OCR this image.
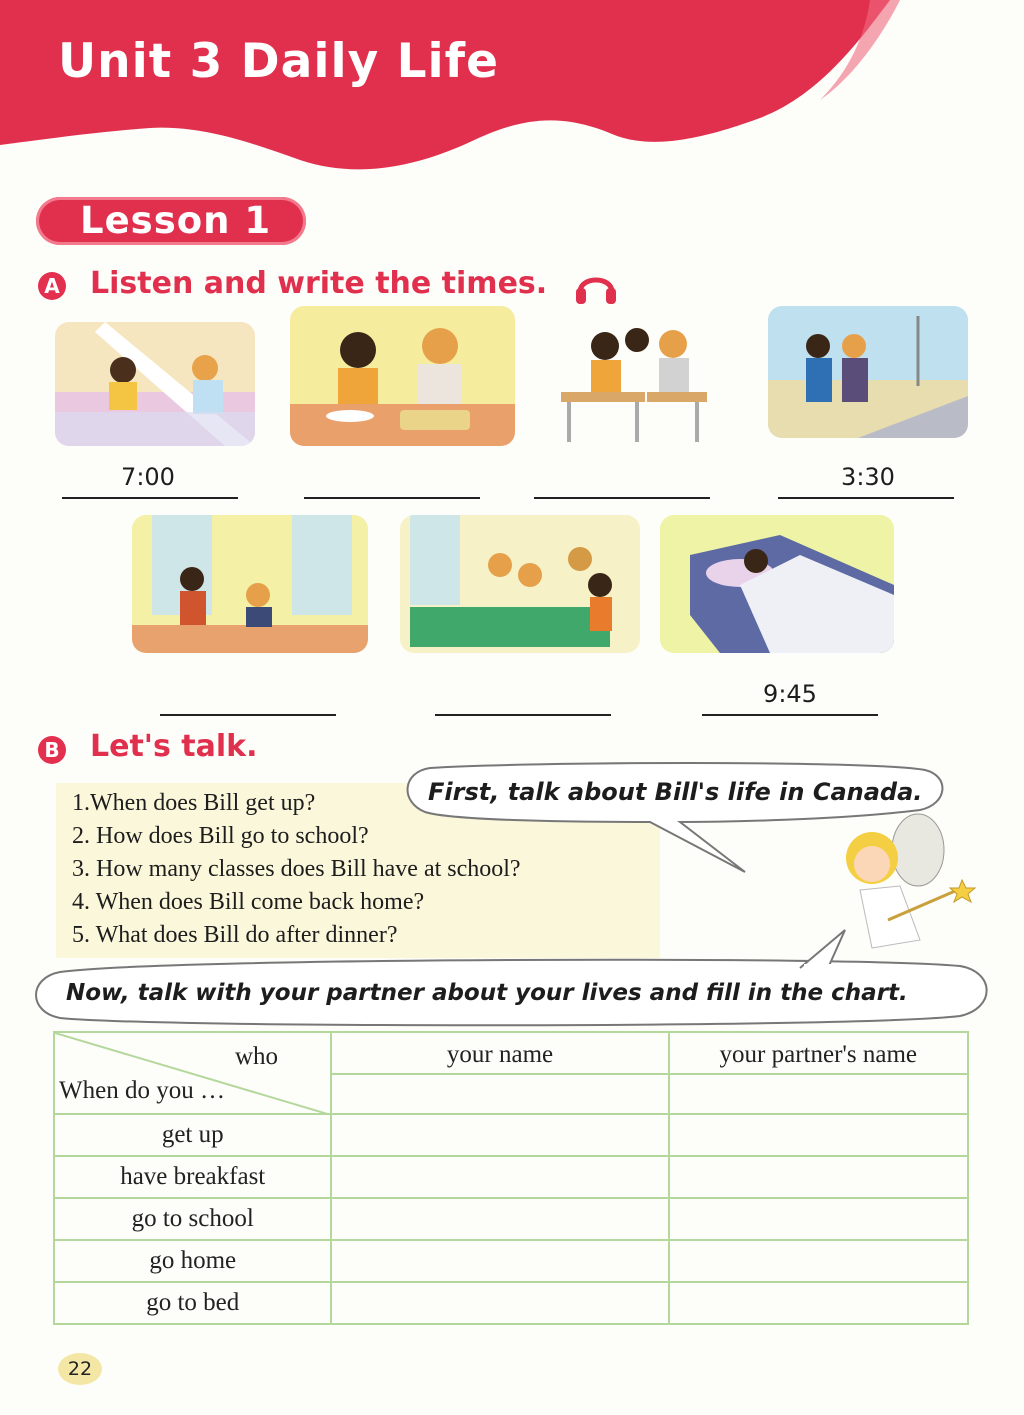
Unit 3 Daily Life
Lesson 1
A Listen and write the times.
7:00	3:30
9:45
B Let's talk.
1.When does Bill get up?
2. How does Bill go to school?
3. How many classes does Bill have at school?
4. When does Bill come back home?
5. What does Bill do after dinner?
First, talk about Bill's life in Canada.
Now, talk with your partner about your lives and fill in the chart.
who
When do you …	your name	your partner's name

get up		
have breakfast		
go to school		
go home		
go to bed		
22
